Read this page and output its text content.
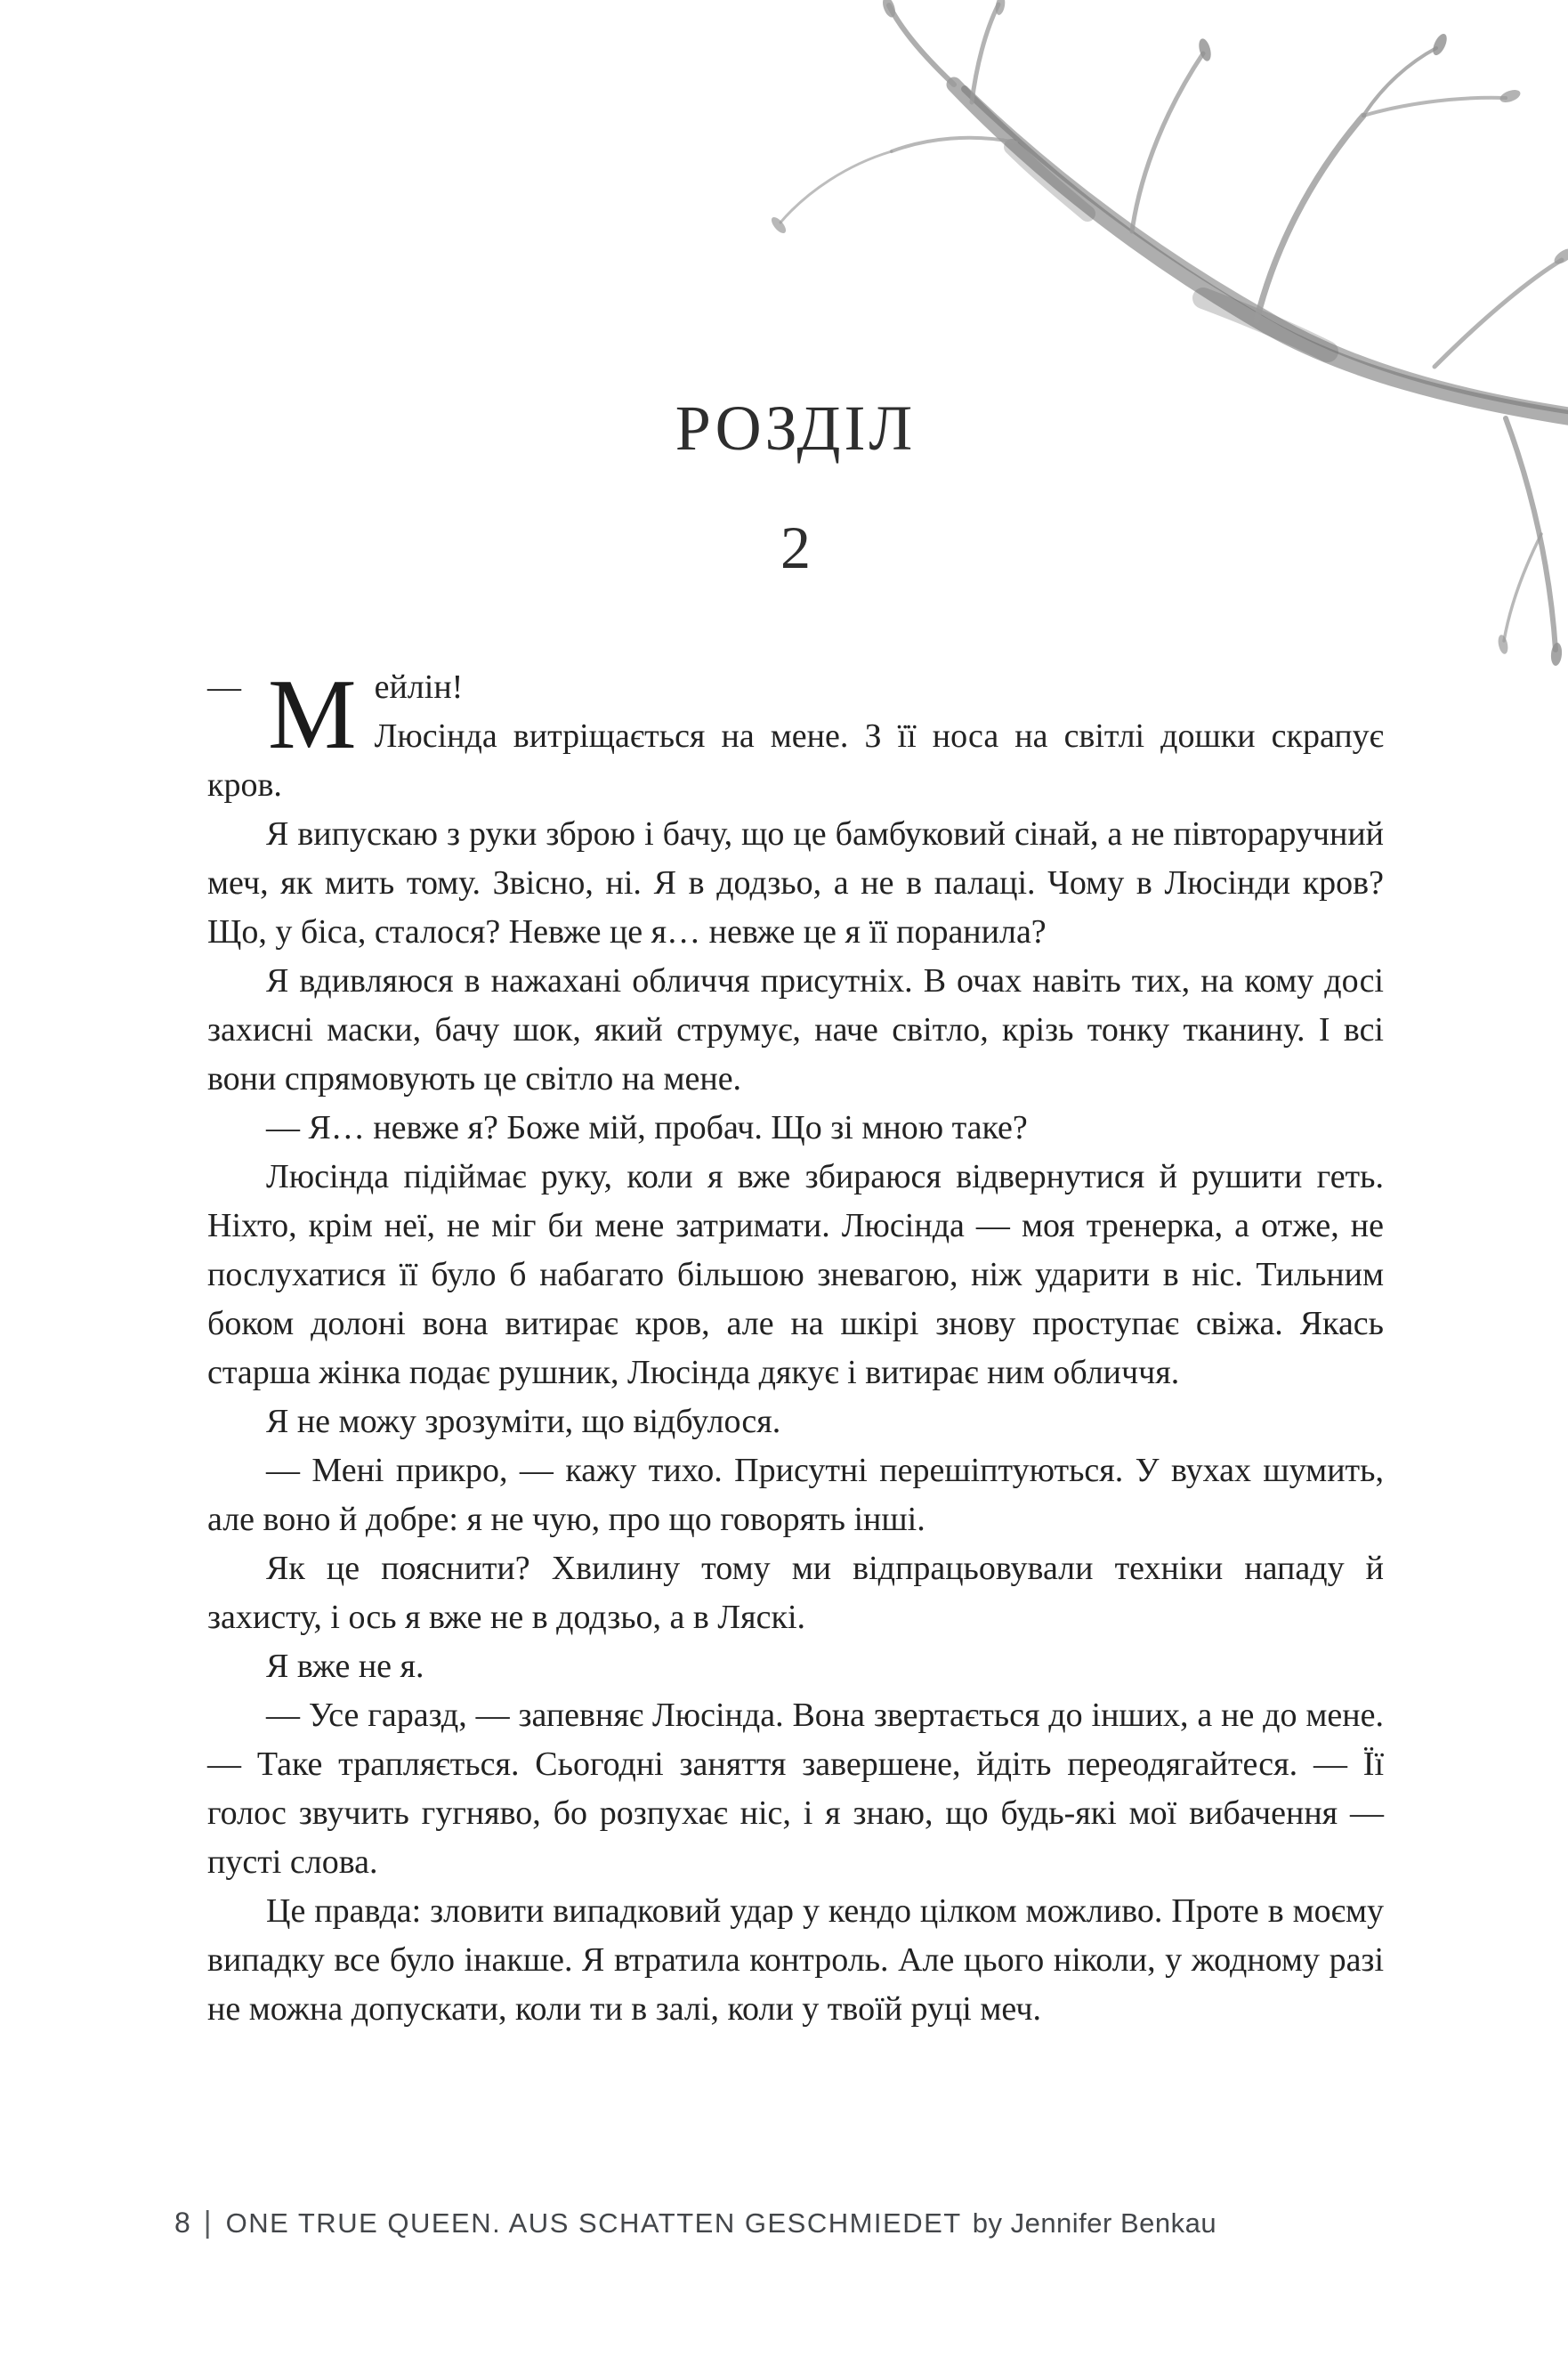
РОЗДІЛ
2

— М ейлін!
Люсінда витріщається на мене. З її носа на світлі дошки скрапує кров.

Я випускаю з руки зброю і бачу, що це бамбуковий сінай, а не півтораручний меч, як мить тому. Звісно, ні. Я в додзьо, а не в палаці. Чому в Люсінди кров? Що, у біса, сталося? Невже це я… невже це я її поранила?

Я вдивляюся в нажахані обличчя присутніх. В очах навіть тих, на кому досі захисні маски, бачу шок, який струмує, наче світло, крізь тонку тканину. І всі вони спрямовують це світло на мене.

— Я… невже я? Боже мій, пробач. Що зі мною таке?

Люсінда підіймає руку, коли я вже збираюся відвернутися й рушити геть. Ніхто, крім неї, не міг би мене затримати. Люсінда — моя тренерка, а отже, не послухатися її було б набагато більшою зневагою, ніж ударити в ніс. Тильним боком долоні вона витирає кров, але на шкірі знову проступає свіжа. Якась старша жінка подає рушник, Люсінда дякує і витирає ним обличчя.

Я не можу зрозуміти, що відбулося.

— Мені прикро, — кажу тихо. Присутні перешіптуються. У вухах шумить, але воно й добре: я не чую, про що говорять інші.

Як це пояснити? Хвилину тому ми відпрацьовували техніки нападу й захисту, і ось я вже не в додзьо, а в Ляскі.

Я вже не я.

— Усе гаразд, — запевняє Люсінда. Вона звертається до інших, а не до мене. — Таке трапляється. Сьогодні заняття завершене, йдіть переодягайтеся. — Її голос звучить гугняво, бо розпухає ніс, і я знаю, що будь-які мої вибачення — пусті слова.

Це правда: зловити випадковий удар у кендо цілком можливо. Проте в моєму випадку все було інакше. Я втратила контроль. Але цього ніколи, у жодному разі не можна допускати, коли ти в залі, коли у твоїй руці меч.

8 | ONE TRUE QUEEN. AUS SCHATTEN GESCHMIEDET by Jennifer Benkau
